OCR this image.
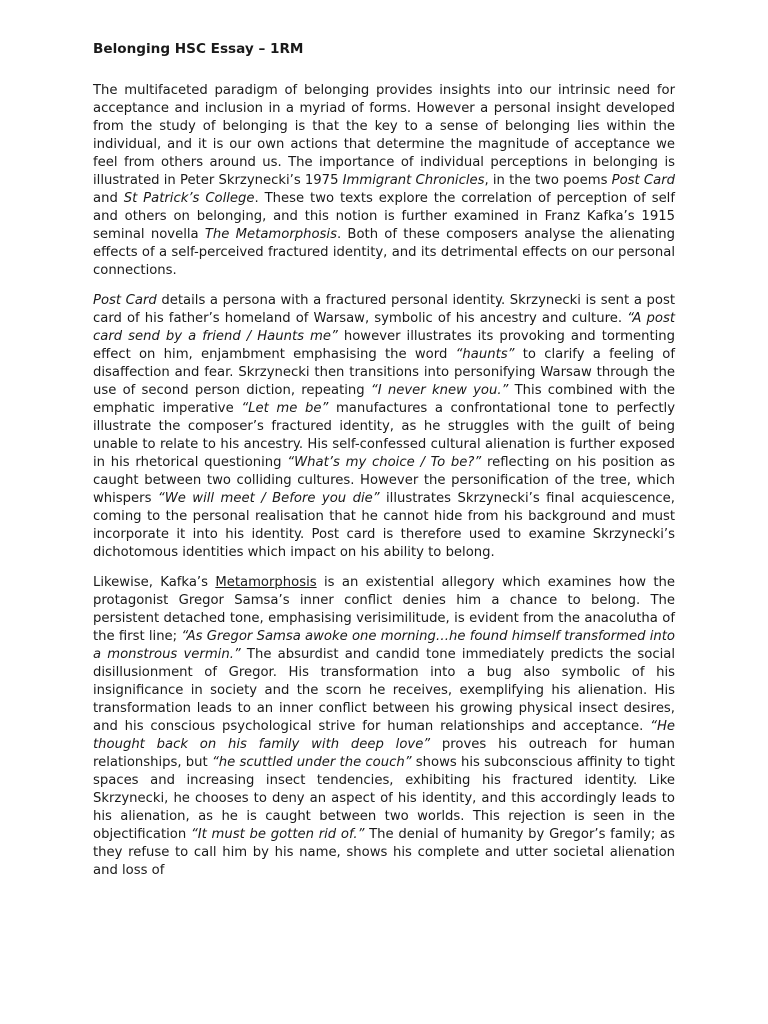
Belonging HSC Essay – 1RM

The multifaceted paradigm of belonging provides insights into our intrinsic need for acceptance and inclusion in a myriad of forms. However a personal insight developed from the study of belonging is that the key to a sense of belonging lies within the individual, and it is our own actions that determine the magnitude of acceptance we feel from others around us. The importance of individual perceptions in belonging is illustrated in Peter Skrzynecki’s 1975 Immigrant Chronicles, in the two poems Post Card and St Patrick’s College. These two texts explore the correlation of perception of self and others on belonging, and this notion is further examined in Franz Kafka’s 1915 seminal novella The Metamorphosis. Both of these composers analyse the alienating effects of a self-perceived fractured identity, and its detrimental effects on our personal connections.

Post Card details a persona with a fractured personal identity. Skrzynecki is sent a post card of his father’s homeland of Warsaw, symbolic of his ancestry and culture. “A post card send by a friend / Haunts me” however illustrates its provoking and tormenting effect on him, enjambment emphasising the word “haunts” to clarify a feeling of disaffection and fear. Skrzynecki then transitions into personifying Warsaw through the use of second person diction, repeating “I never knew you.” This combined with the emphatic imperative “Let me be” manufactures a confrontational tone to perfectly illustrate the composer’s fractured identity, as he struggles with the guilt of being unable to relate to his ancestry. His self-confessed cultural alienation is further exposed in his rhetorical questioning “What’s my choice / To be?” reflecting on his position as caught between two colliding cultures. However the personification of the tree, which whispers “We will meet / Before you die” illustrates Skrzynecki’s final acquiescence, coming to the personal realisation that he cannot hide from his background and must incorporate it into his identity. Post card is therefore used to examine Skrzynecki’s dichotomous identities which impact on his ability to belong.

Likewise, Kafka’s Metamorphosis is an existential allegory which examines how the protagonist Gregor Samsa’s inner conflict denies him a chance to belong. The persistent detached tone, emphasising verisimilitude, is evident from the anacolutha of the first line; “As Gregor Samsa awoke one morning…he found himself transformed into a monstrous vermin.” The absurdist and candid tone immediately predicts the social disillusionment of Gregor. His transformation into a bug also symbolic of his insignificance in society and the scorn he receives, exemplifying his alienation. His transformation leads to an inner conflict between his growing physical insect desires, and his conscious psychological strive for human relationships and acceptance. “He thought back on his family with deep love” proves his outreach for human relationships, but “he scuttled under the couch” shows his subconscious affinity to tight spaces and increasing insect tendencies, exhibiting his fractured identity. Like Skrzynecki, he chooses to deny an aspect of his identity, and this accordingly leads to his alienation, as he is caught between two worlds. This rejection is seen in the objectification “It must be gotten rid of.” The denial of humanity by Gregor’s family; as they refuse to call him by his name, shows his complete and utter societal alienation and loss of
